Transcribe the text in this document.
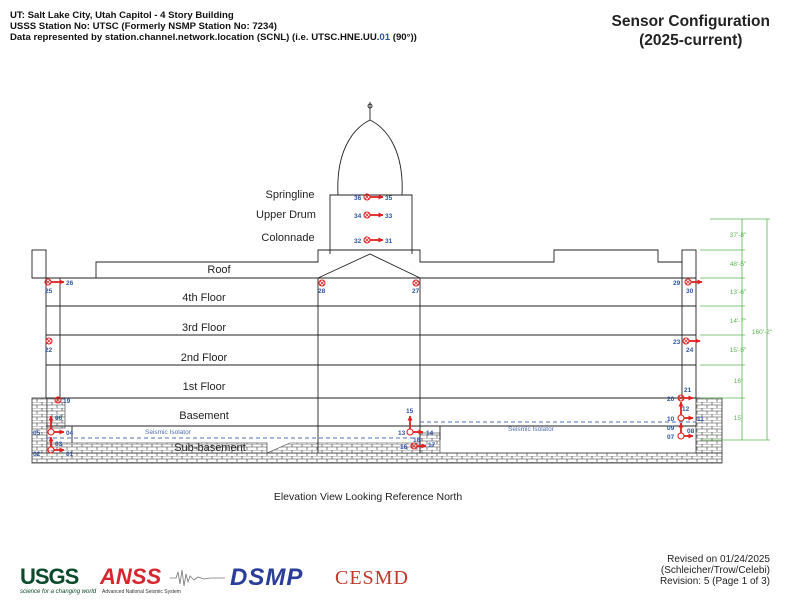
UT: Salt Lake City, Utah Capitol - 4 Story Building
USSS Station No: UTSC (Formerly NSMP Station No: 7234)
Data represented by station.channel.network.location (SCNL) (i.e. UTSC.HNE.UU.01 (90°))
Sensor Configuration
(2025-current)
Seismic Isolator	Seismic Isolator
Springline
Upper Drum
Colonnade
Roof
4th Floor
3rd Floor
2nd Floor
1st Floor
Basement
Sub-basement
37'-8"
48'-5"
13'-6"
14'-7"
15'-5"
16'
15'
160'-2"
36	35
34	33
32	31
26
25	28	27
29
30
22
23
24
21
19
06
04
05
03
02	01
15
13	14
18
16	17
20
12
10	11
09 08
07
Elevation View Looking Reference North
USGS
science for a changing world
ANSS
Advanced National Seismic System
DSMP CESMD
Revised on 01/24/2025
(Schleicher/Trow/Celebi)
Revision: 5 (Page 1 of 3)
